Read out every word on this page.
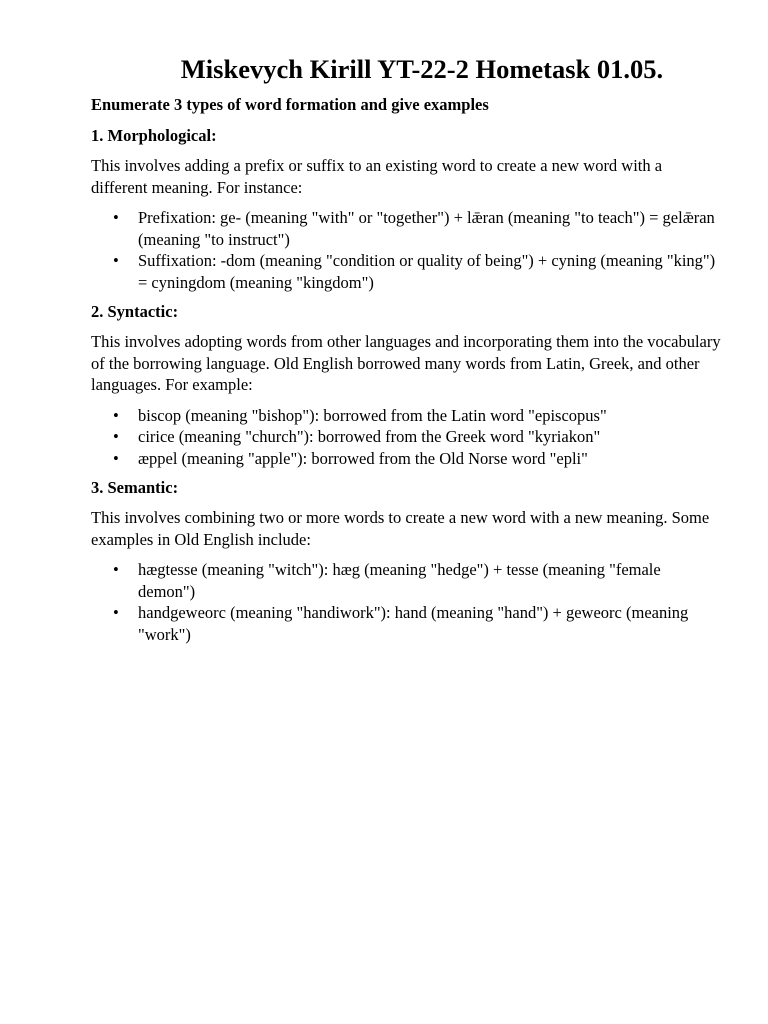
Miskevych Kirill YT-22-2 Hometask 01.05.

Enumerate 3 types of word formation and give examples

1. Morphological:

This involves adding a prefix or suffix to an existing word to create a new word with a different meaning. For instance:

• Prefixation: ge- (meaning "with" or "together") + lǣran (meaning "to teach") = gelǣran (meaning "to instruct")
• Suffixation: -dom (meaning "condition or quality of being") + cyning (meaning "king") = cyningdom (meaning "kingdom")

2. Syntactic:

This involves adopting words from other languages and incorporating them into the vocabulary of the borrowing language. Old English borrowed many words from Latin, Greek, and other languages. For example:

• biscop (meaning "bishop"): borrowed from the Latin word "episcopus"
• cirice (meaning "church"): borrowed from the Greek word "kyriakon"
• æppel (meaning "apple"): borrowed from the Old Norse word "epli"

3. Semantic:

This involves combining two or more words to create a new word with a new meaning. Some examples in Old English include:

• hægtesse (meaning "witch"): hæg (meaning "hedge") + tesse (meaning "female demon")
• handgeweorc (meaning "handiwork"): hand (meaning "hand") + geweorc (meaning "work")
